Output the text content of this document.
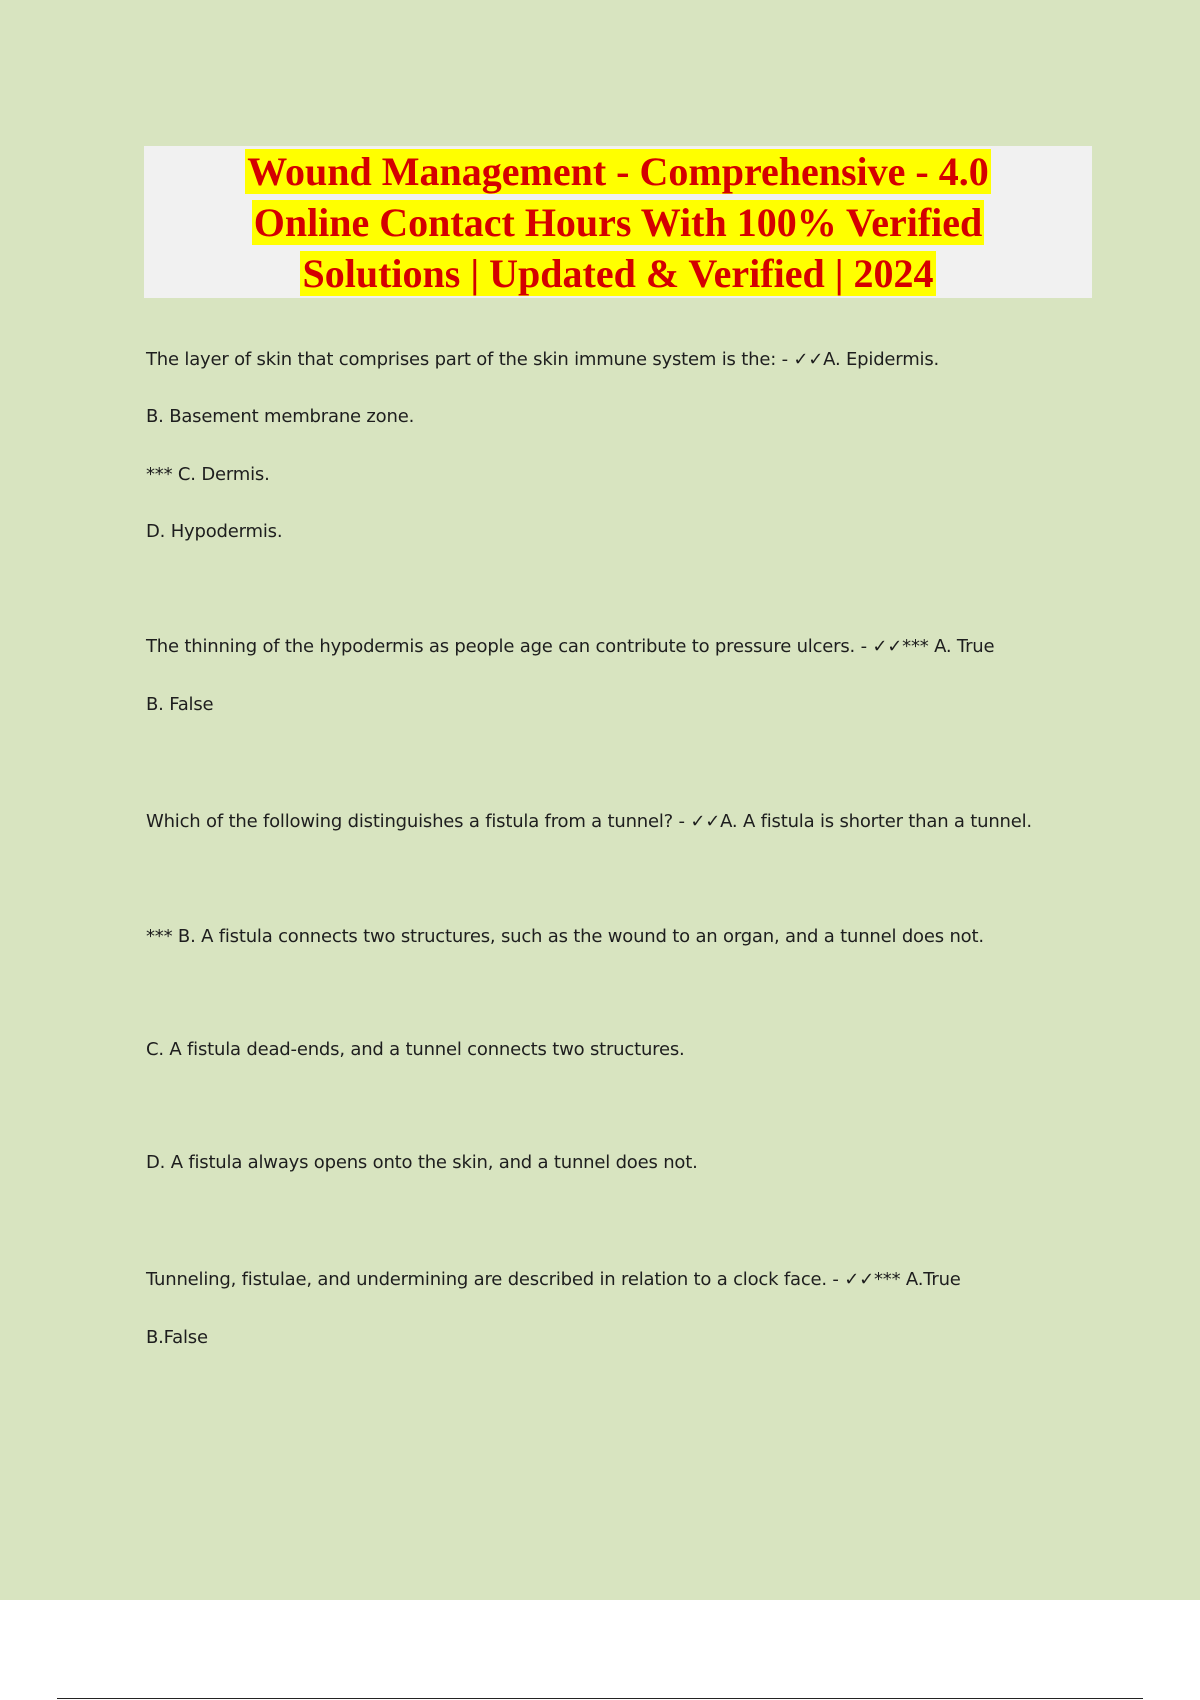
Wound Management - Comprehensive - 4.0
Online Contact Hours With 100% Verified
Solutions | Updated & Verified | 2024
The layer of skin that comprises part of the skin immune system is the: - ✓✓A. Epidermis.
B. Basement membrane zone.
*** C. Dermis.
D. Hypodermis.
The thinning of the hypodermis as people age can contribute to pressure ulcers. - ✓✓*** A. True
B. False
Which of the following distinguishes a fistula from a tunnel? - ✓✓A. A fistula is shorter than a tunnel.
*** B. A fistula connects two structures, such as the wound to an organ, and a tunnel does not.
C. A fistula dead-ends, and a tunnel connects two structures.
D. A fistula always opens onto the skin, and a tunnel does not.
Tunneling, fistulae, and undermining are described in relation to a clock face. - ✓✓*** A.True
B.False
